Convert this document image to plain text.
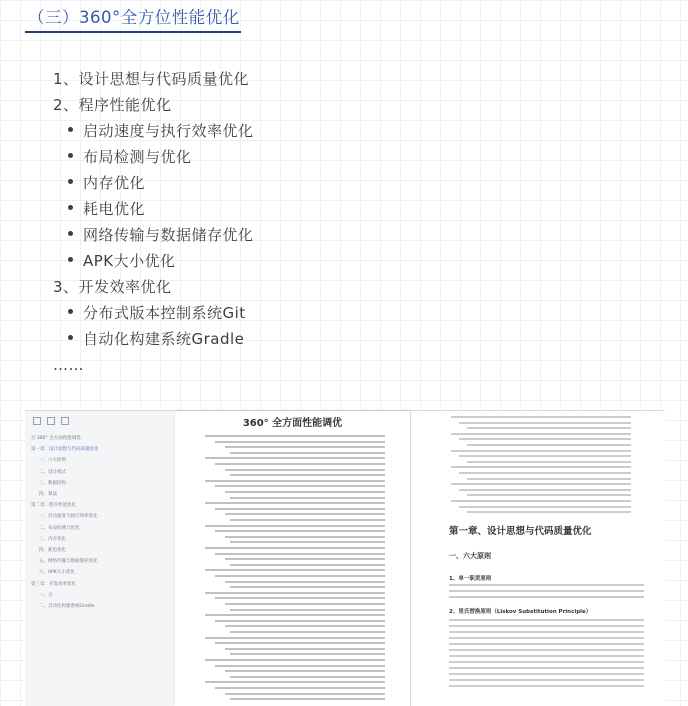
（三）360°全方位性能优化
1、设计思想与代码质量优化
2、程序性能优化
启动速度与执行效率优化
布局检测与优化
内存优化
耗电优化
网络传输与数据储存优化
APK大小优化
3、开发效率优化
分布式版本控制系统Git
自动化构建系统Gradle
……
目 360° 全方面性能调优
第一章：设计思想与代码质量优化
一、六大原则
二、设计模式
三、数据结构
四、算法
第二章：程序性能优化
一、启动速度与执行效率优化
二、布局检测与优化
三、内存优化
四、耗电优化
五、网络传输与数据储存优化
六、APK大小优化
第三章：开发效率优化
一、分
二、自动化构建系统Gradle
360° 全方面性能调优
第一章、设计思想与代码质量优化
一、六大原则
1、单一职责原则
2、里氏替换原则（Liskov Substitution Principle）
